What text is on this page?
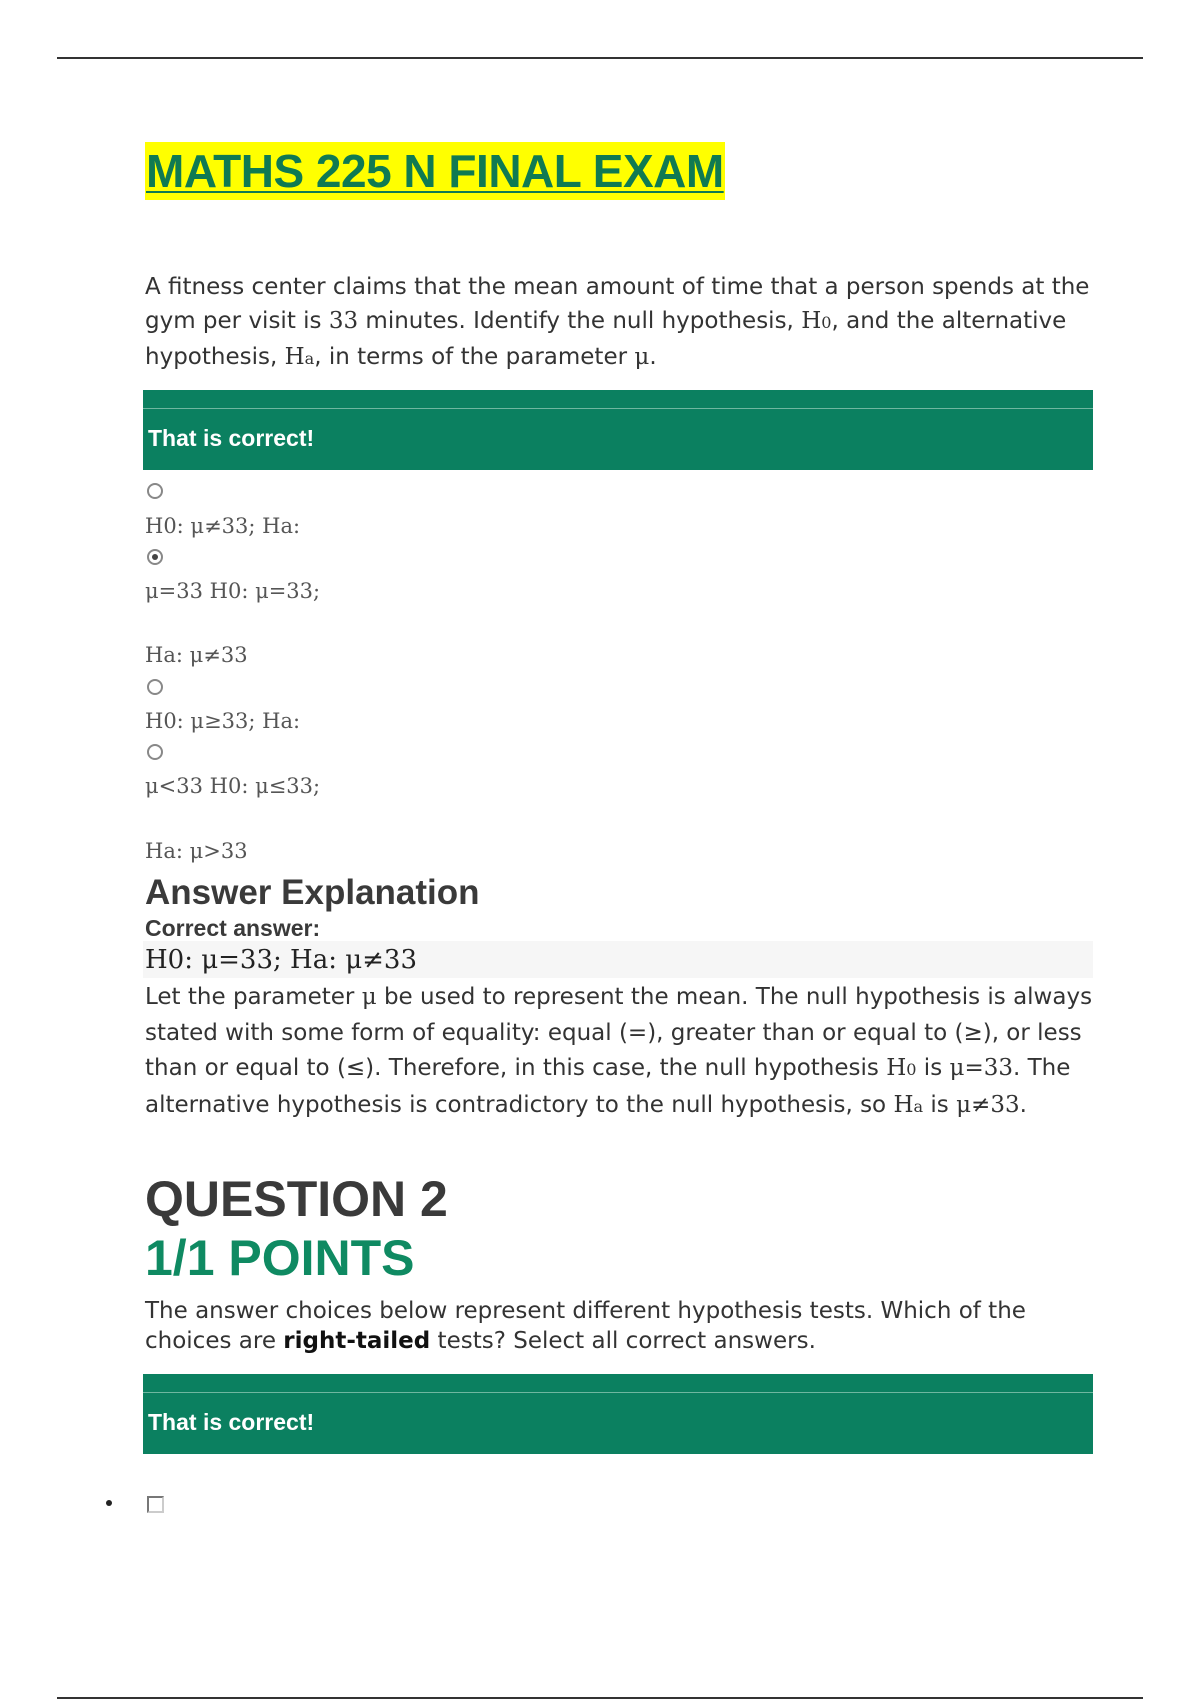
MATHS 225 N FINAL EXAM

A fitness center claims that the mean amount of time that a person spends at the gym per visit is 33 minutes. Identify the null hypothesis, H0, and the alternative hypothesis, Ha, in terms of the parameter μ.

That is correct!
H0: μ≠33; Ha:
μ=33 H0: μ=33;
Ha: μ≠33
H0: μ≥33; Ha:
μ<33 H0: μ≤33;
Ha: μ>33
Answer Explanation
Correct answer:
H0: μ=33; Ha: μ≠33

Let the parameter μ be used to represent the mean. The null hypothesis is always stated with some form of equality: equal (=), greater than or equal to (≥), or less than or equal to (≤). Therefore, in this case, the null hypothesis H0 is μ=33. The alternative hypothesis is contradictory to the null hypothesis, so Ha is μ≠33.

QUESTION 2
1/1 POINTS

The answer choices below represent different hypothesis tests. Which of the choices are right-tailed tests? Select all correct answers.

That is correct!
